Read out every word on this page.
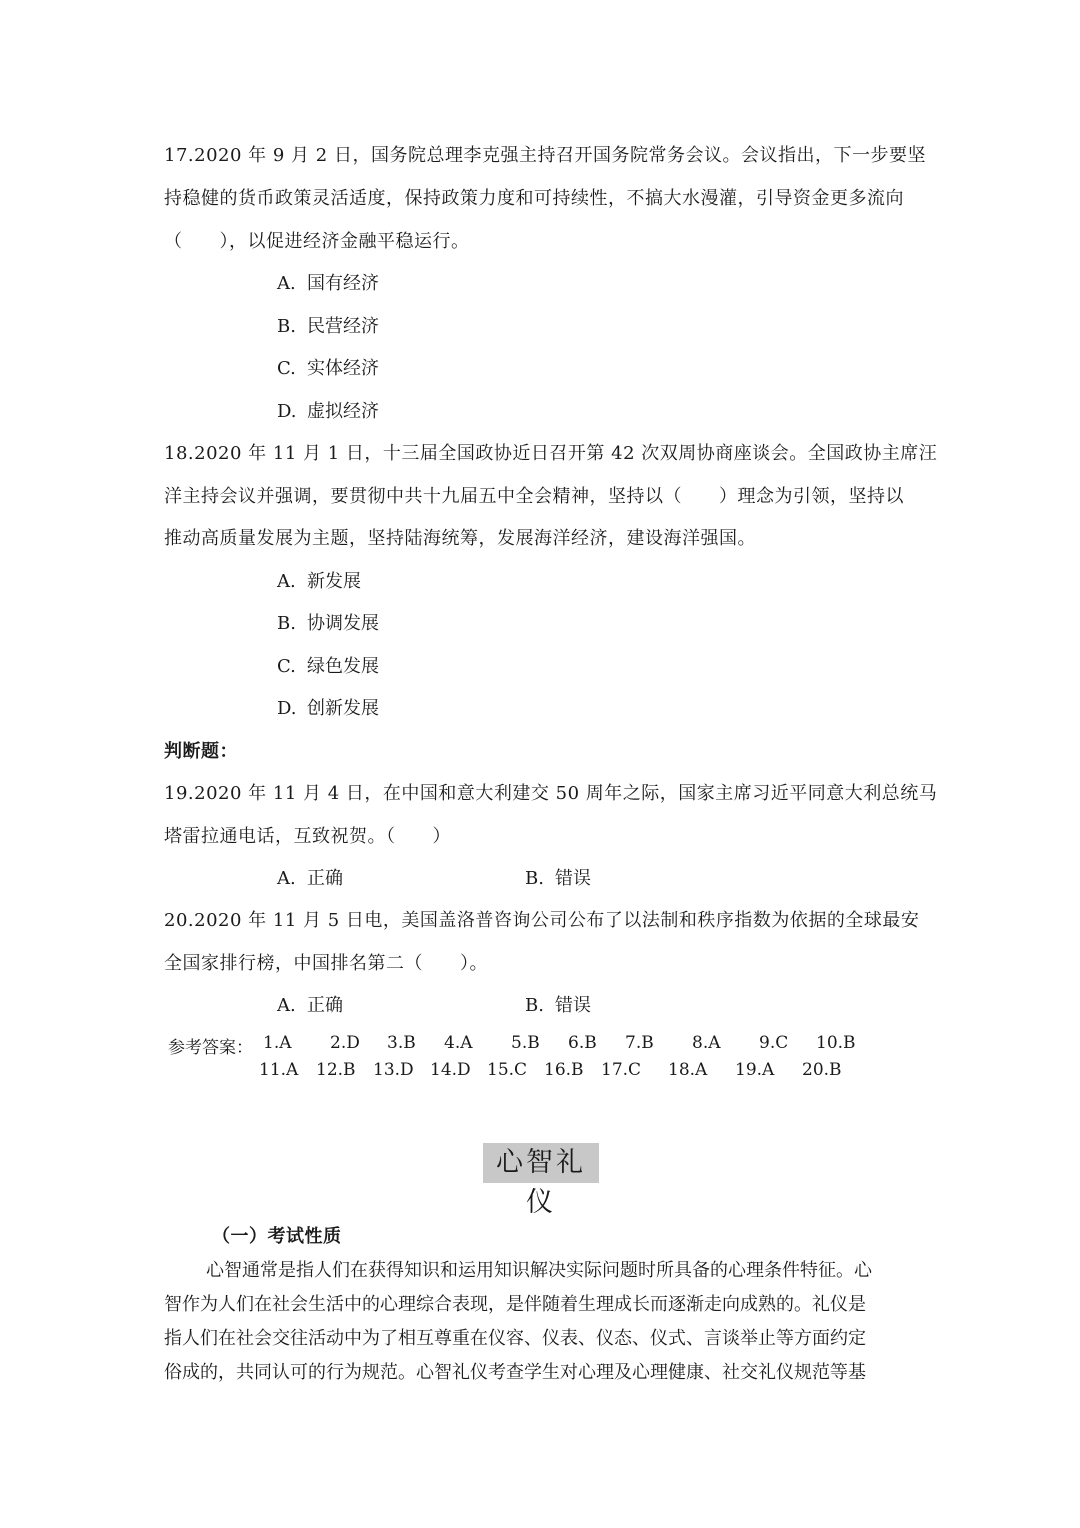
17.2020 年 9 月 2 日，国务院总理李克强主持召开国务院常务会议。会议指出，下一步要坚
持稳健的货币政策灵活适度，保持政策力度和可持续性，不搞大水漫灌，引导资金更多流向
（　　），以促进经济金融平稳运行。
A. 国有经济
B. 民营经济
C. 实体经济
D. 虚拟经济
18.2020 年 11 月 1 日，十三届全国政协近日召开第 42 次双周协商座谈会。全国政协主席汪
洋主持会议并强调，要贯彻中共十九届五中全会精神，坚持以（　　）理念为引领，坚持以
推动高质量发展为主题，坚持陆海统筹，发展海洋经济，建设海洋强国。
A. 新发展
B. 协调发展
C. 绿色发展
D. 创新发展
判断题：
19.2020 年 11 月 4 日，在中国和意大利建交 50 周年之际，国家主席习近平同意大利总统马
塔雷拉通电话，互致祝贺。（　　）
A. 正确	B. 错误
20.2020 年 11 月 5 日电，美国盖洛普咨询公司公布了以法制和秩序指数为依据的全球最安
全国家排行榜，中国排名第二（　　）。
A. 正确	B. 错误
参考答案： 1.A 2.D 3.B 4.A 5.B 6.B 7.B 8.A 9.C 10.B
11.A 12.B 13.D 14.D 15.C 16.B 17.C 18.A 19.A 20.B
心智礼仪
（一）考试性质
心智通常是指人们在获得知识和运用知识解决实际问题时所具备的心理条件特征。心
智作为人们在社会生活中的心理综合表现，是伴随着生理成长而逐渐走向成熟的。礼仪是
指人们在社会交往活动中为了相互尊重在仪容、仪表、仪态、仪式、言谈举止等方面约定
俗成的，共同认可的行为规范。心智礼仪考查学生对心理及心理健康、社交礼仪规范等基
